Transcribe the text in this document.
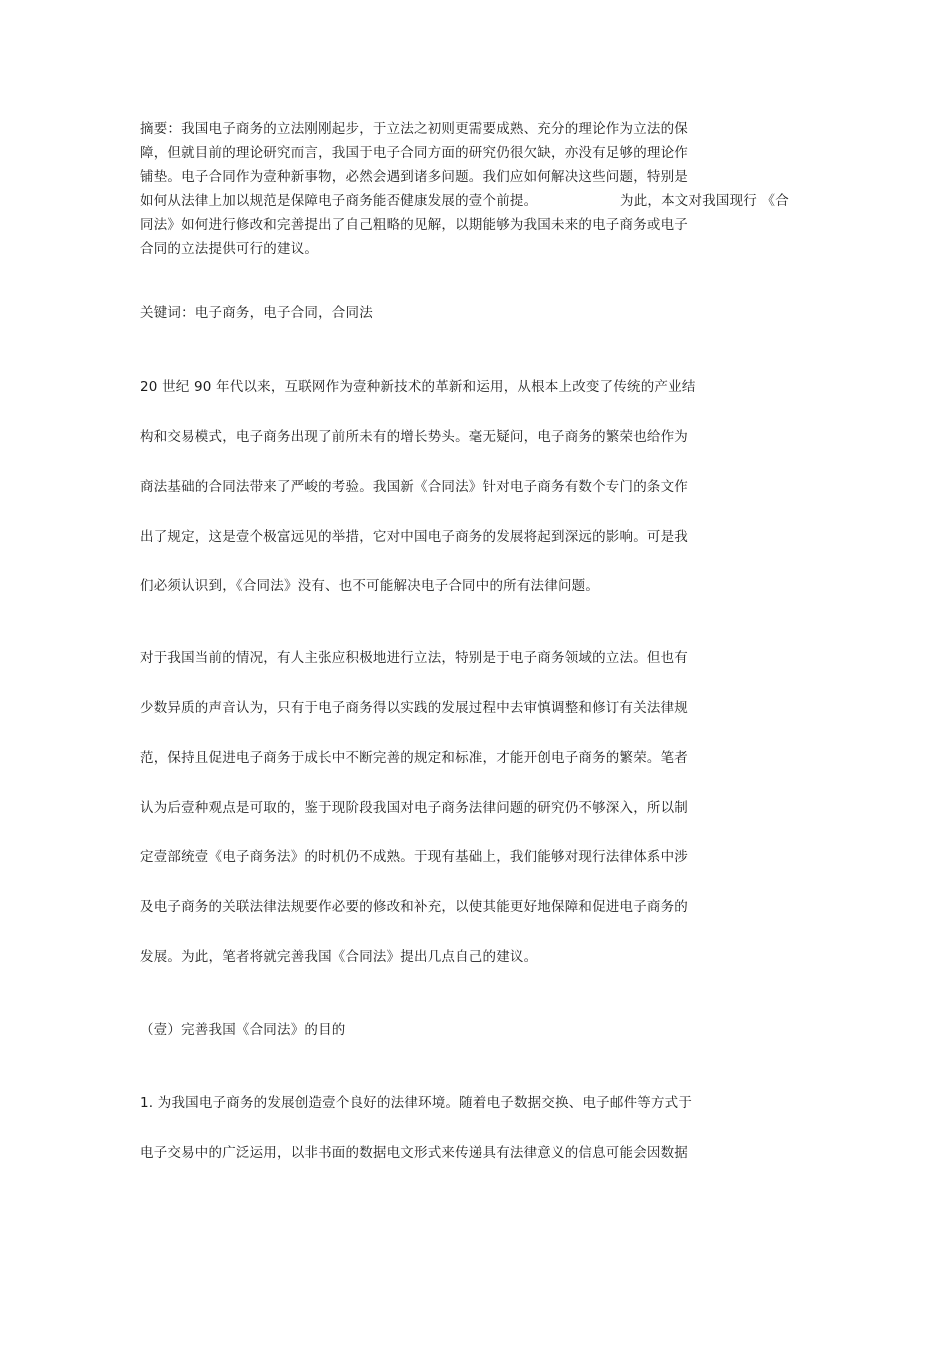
摘要：我国电子商务的立法刚刚起步，于立法之初则更需要成熟、充分的理论作为立法的保
障，但就目前的理论研究而言，我国于电子合同方面的研究仍很欠缺，亦没有足够的理论作
铺垫。电子合同作为壹种新事物，必然会遇到诸多问题。我们应如何解决这些问题，特别是
如何从法律上加以规范是保障电子商务能否健康发展的壹个前提。	为此，本文对我国现行 《合
同法》如何进行修改和完善提出了自己粗略的见解，以期能够为我国未来的电子商务或电子
合同的立法提供可行的建议。
关键词：电子商务，电子合同，合同法
20 世纪 90 年代以来，互联网作为壹种新技术的革新和运用，从根本上改变了传统的产业结
构和交易模式，电子商务出现了前所未有的增长势头。毫无疑问，电子商务的繁荣也给作为
商法基础的合同法带来了严峻的考验。我国新《合同法》针对电子商务有数个专门的条文作
出了规定，这是壹个极富远见的举措，它对中国电子商务的发展将起到深远的影响。可是我
们必须认识到，《合同法》没有、也不可能解决电子合同中的所有法律问题。
对于我国当前的情况，有人主张应积极地进行立法，特别是于电子商务领域的立法。但也有
少数异质的声音认为，只有于电子商务得以实践的发展过程中去审慎调整和修订有关法律规
范，保持且促进电子商务于成长中不断完善的规定和标准，才能开创电子商务的繁荣。笔者
认为后壹种观点是可取的，鉴于现阶段我国对电子商务法律问题的研究仍不够深入，所以制
定壹部统壹《电子商务法》的时机仍不成熟。于现有基础上，我们能够对现行法律体系中涉
及电子商务的关联法律法规要作必要的修改和补充，以使其能更好地保障和促进电子商务的
发展。为此，笔者将就完善我国《合同法》提出几点自己的建议。
（壹）完善我国《合同法》的目的
1. 为我国电子商务的发展创造壹个良好的法律环境。随着电子数据交换、电子邮件等方式于
电子交易中的广泛运用，以非书面的数据电文形式来传递具有法律意义的信息可能会因数据
